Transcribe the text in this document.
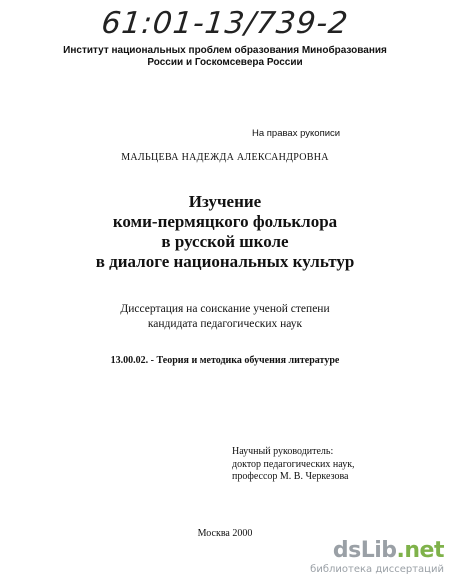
61:01-13/739-2
Институт национальных проблем образования Минобразования
России и Госкомсевера России
На правах рукописи
МАЛЬЦЕВА НАДЕЖДА АЛЕКСАНДРОВНА
Изучение
коми-пермяцкого фольклора
в русской школе
в диалоге национальных культур
Диссертация на соискание ученой степени
кандидата педагогических наук
13.00.02. - Теория и методика обучения литературе
Научный руководитель:
доктор педагогических наук,
профессор М. В. Черкезова
Москва 2000
dsLib.net
библиотека диссертаций
